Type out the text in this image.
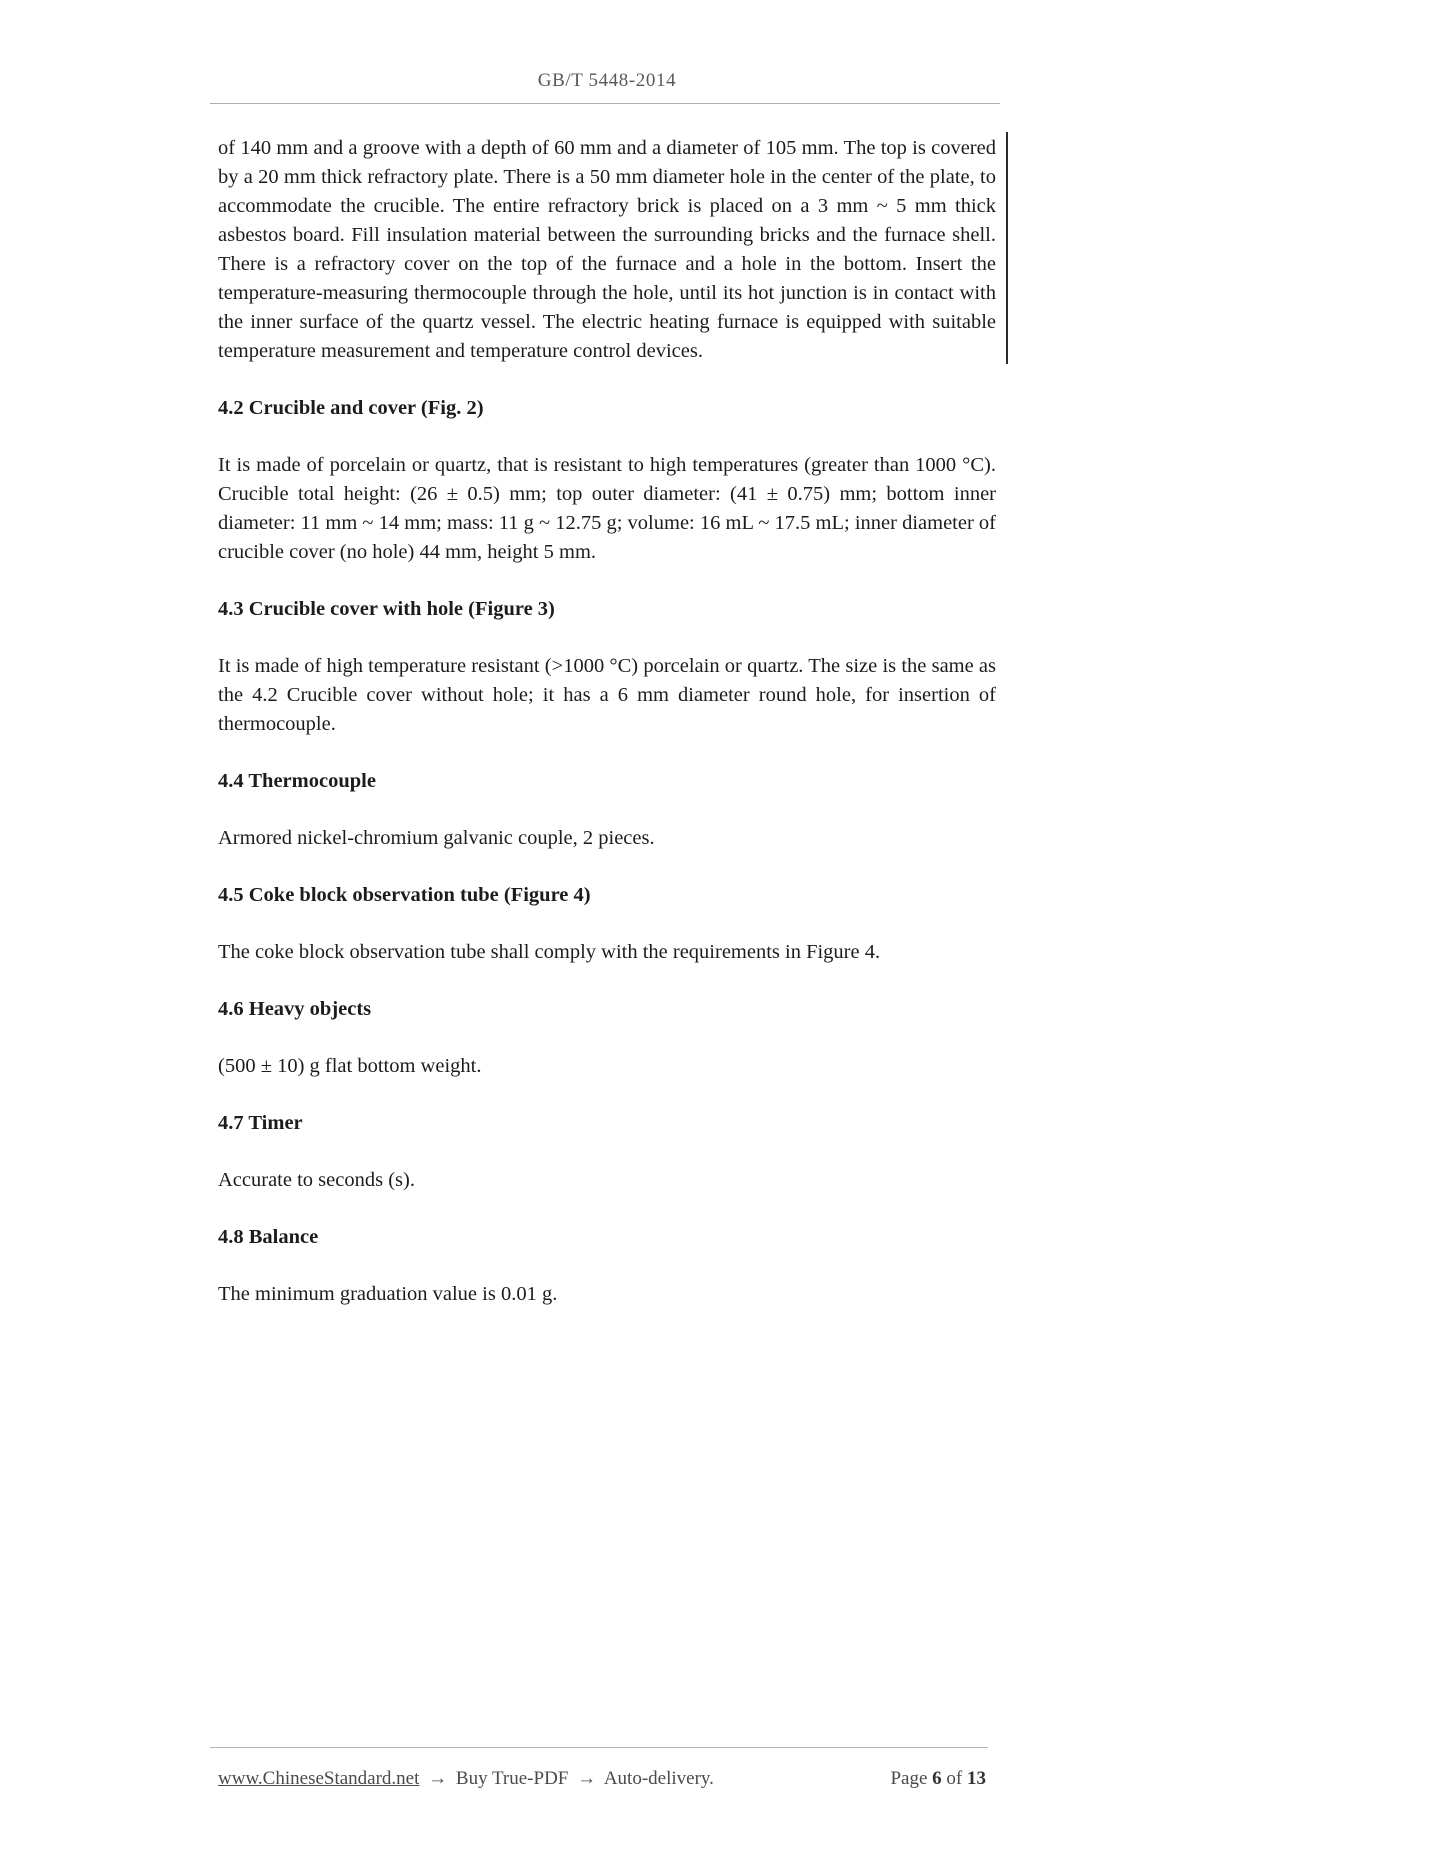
GB/T 5448-2014
of 140 mm and a groove with a depth of 60 mm and a diameter of 105 mm. The top is covered by a 20 mm thick refractory plate. There is a 50 mm diameter hole in the center of the plate, to accommodate the crucible. The entire refractory brick is placed on a 3 mm ~ 5 mm thick asbestos board. Fill insulation material between the surrounding bricks and the furnace shell. There is a refractory cover on the top of the furnace and a hole in the bottom. Insert the temperature-measuring thermocouple through the hole, until its hot junction is in contact with the inner surface of the quartz vessel. The electric heating furnace is equipped with suitable temperature measurement and temperature control devices.
4.2 Crucible and cover (Fig. 2)
It is made of porcelain or quartz, that is resistant to high temperatures (greater than 1000 °C). Crucible total height: (26 ± 0.5) mm; top outer diameter: (41 ± 0.75) mm; bottom inner diameter: 11 mm ~ 14 mm; mass: 11 g ~ 12.75 g; volume: 16 mL ~ 17.5 mL; inner diameter of crucible cover (no hole) 44 mm, height 5 mm.
4.3 Crucible cover with hole (Figure 3)
It is made of high temperature resistant (>1000 °C) porcelain or quartz. The size is the same as the 4.2 Crucible cover without hole; it has a 6 mm diameter round hole, for insertion of thermocouple.
4.4 Thermocouple
Armored nickel-chromium galvanic couple, 2 pieces.
4.5 Coke block observation tube (Figure 4)
The coke block observation tube shall comply with the requirements in Figure 4.
4.6 Heavy objects
(500 ± 10) g flat bottom weight.
4.7 Timer
Accurate to seconds (s).
4.8 Balance
The minimum graduation value is 0.01 g.
www.ChineseStandard.net → Buy True-PDF → Auto-delivery.	Page 6 of 13
